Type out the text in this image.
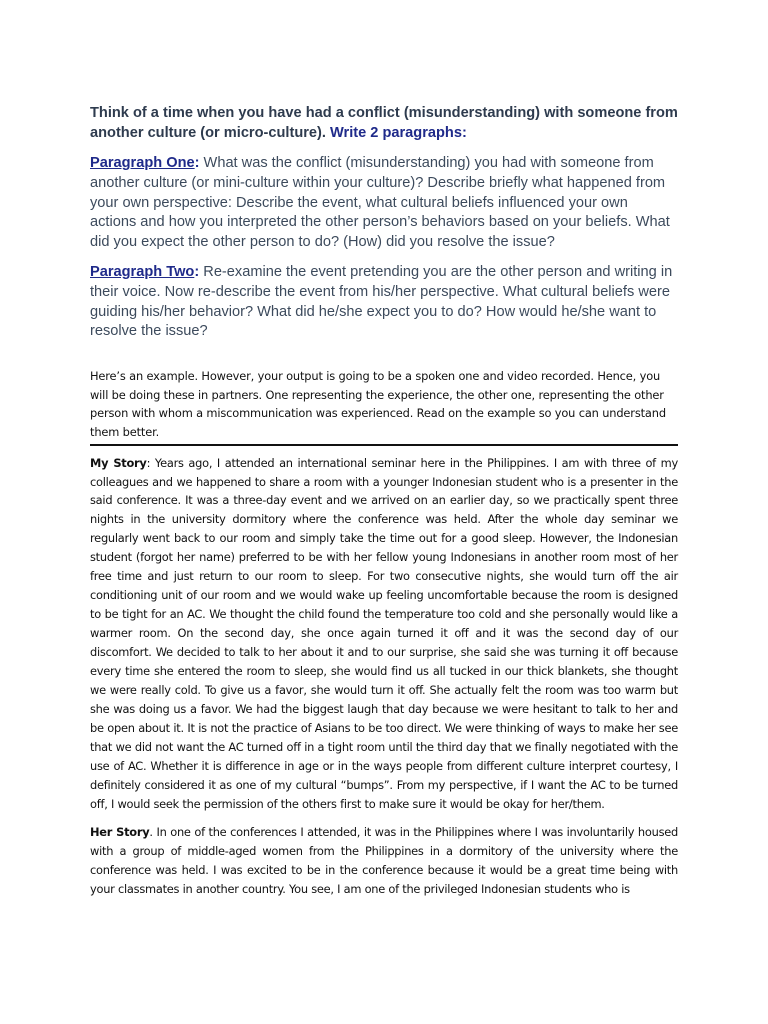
Think of a time when you have had a conflict (misunderstanding) with someone from another culture (or micro-culture). Write 2 paragraphs:

Paragraph One: What was the conflict (misunderstanding) you had with someone from another culture (or mini-culture within your culture)? Describe briefly what happened from your own perspective: Describe the event, what cultural beliefs influenced your own actions and how you interpreted the other person’s behaviors based on your beliefs. What did you expect the other person to do? (How) did you resolve the issue?

Paragraph Two: Re-examine the event pretending you are the other person and writing in their voice. Now re-describe the event from his/her perspective. What cultural beliefs were guiding his/her behavior? What did he/she expect you to do? How would he/she want to resolve the issue?

Here’s an example. However, your output is going to be a spoken one and video recorded. Hence, you will be doing these in partners. One representing the experience, the other one, representing the other person with whom a miscommunication was experienced. Read on the example so you can understand them better.

My Story: Years ago, I attended an international seminar here in the Philippines. I am with three of my colleagues and we happened to share a room with a younger Indonesian student who is a presenter in the said conference. It was a three-day event and we arrived on an earlier day, so we practically spent three nights in the university dormitory where the conference was held. After the whole day seminar we regularly went back to our room and simply take the time out for a good sleep. However, the Indonesian student (forgot her name) preferred to be with her fellow young Indonesians in another room most of her free time and just return to our room to sleep. For two consecutive nights, she would turn off the air conditioning unit of our room and we would wake up feeling uncomfortable because the room is designed to be tight for an AC. We thought the child found the temperature too cold and she personally would like a warmer room. On the second day, she once again turned it off and it was the second day of our discomfort. We decided to talk to her about it and to our surprise, she said she was turning it off because every time she entered the room to sleep, she would find us all tucked in our thick blankets, she thought we were really cold. To give us a favor, she would turn it off. She actually felt the room was too warm but she was doing us a favor. We had the biggest laugh that day because we were hesitant to talk to her and be open about it. It is not the practice of Asians to be too direct. We were thinking of ways to make her see that we did not want the AC turned off in a tight room until the third day that we finally negotiated with the use of AC. Whether it is difference in age or in the ways people from different culture interpret courtesy, I definitely considered it as one of my cultural “bumps”. From my perspective, if I want the AC to be turned off, I would seek the permission of the others first to make sure it would be okay for her/them.

Her Story. In one of the conferences I attended, it was in the Philippines where I was involuntarily housed with a group of middle-aged women from the Philippines in a dormitory of the university where the conference was held. I was excited to be in the conference because it would be a great time being with your classmates in another country. You see, I am one of the privileged Indonesian students who is
